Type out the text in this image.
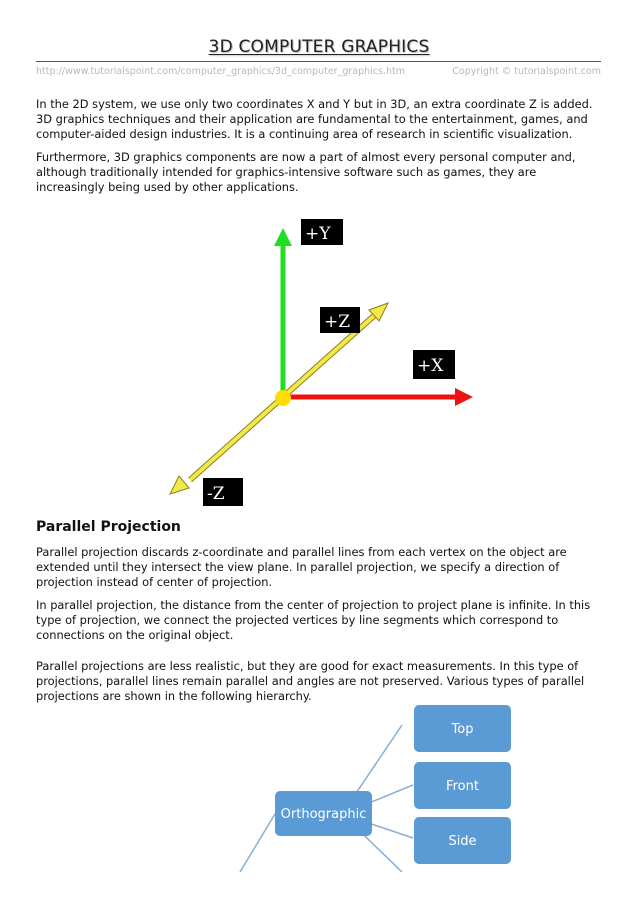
3D COMPUTER GRAPHICS
http://www.tutorialspoint.com/computer_graphics/3d_computer_graphics.htm	Copyright © tutorialspoint.com

In the 2D system, we use only two coordinates X and Y but in 3D, an extra coordinate Z is added. 3D graphics techniques and their application are fundamental to the entertainment, games, and computer-aided design industries. It is a continuing area of research in scientific visualization.

Furthermore, 3D graphics components are now a part of almost every personal computer and, although traditionally intended for graphics-intensive software such as games, they are increasingly being used by other applications.

+Y
+Z
+X
-Z
Parallel Projection

Parallel projection discards z-coordinate and parallel lines from each vertex on the object are extended until they intersect the view plane. In parallel projection, we specify a direction of projection instead of center of projection.

In parallel projection, the distance from the center of projection to project plane is infinite. In this type of projection, we connect the projected vertices by line segments which correspond to connections on the original object.

Parallel projections are less realistic, but they are good for exact measurements. In this type of projections, parallel lines remain parallel and angles are not preserved. Various types of parallel projections are shown in the following hierarchy.

Orthographic
Top
Front
Side
